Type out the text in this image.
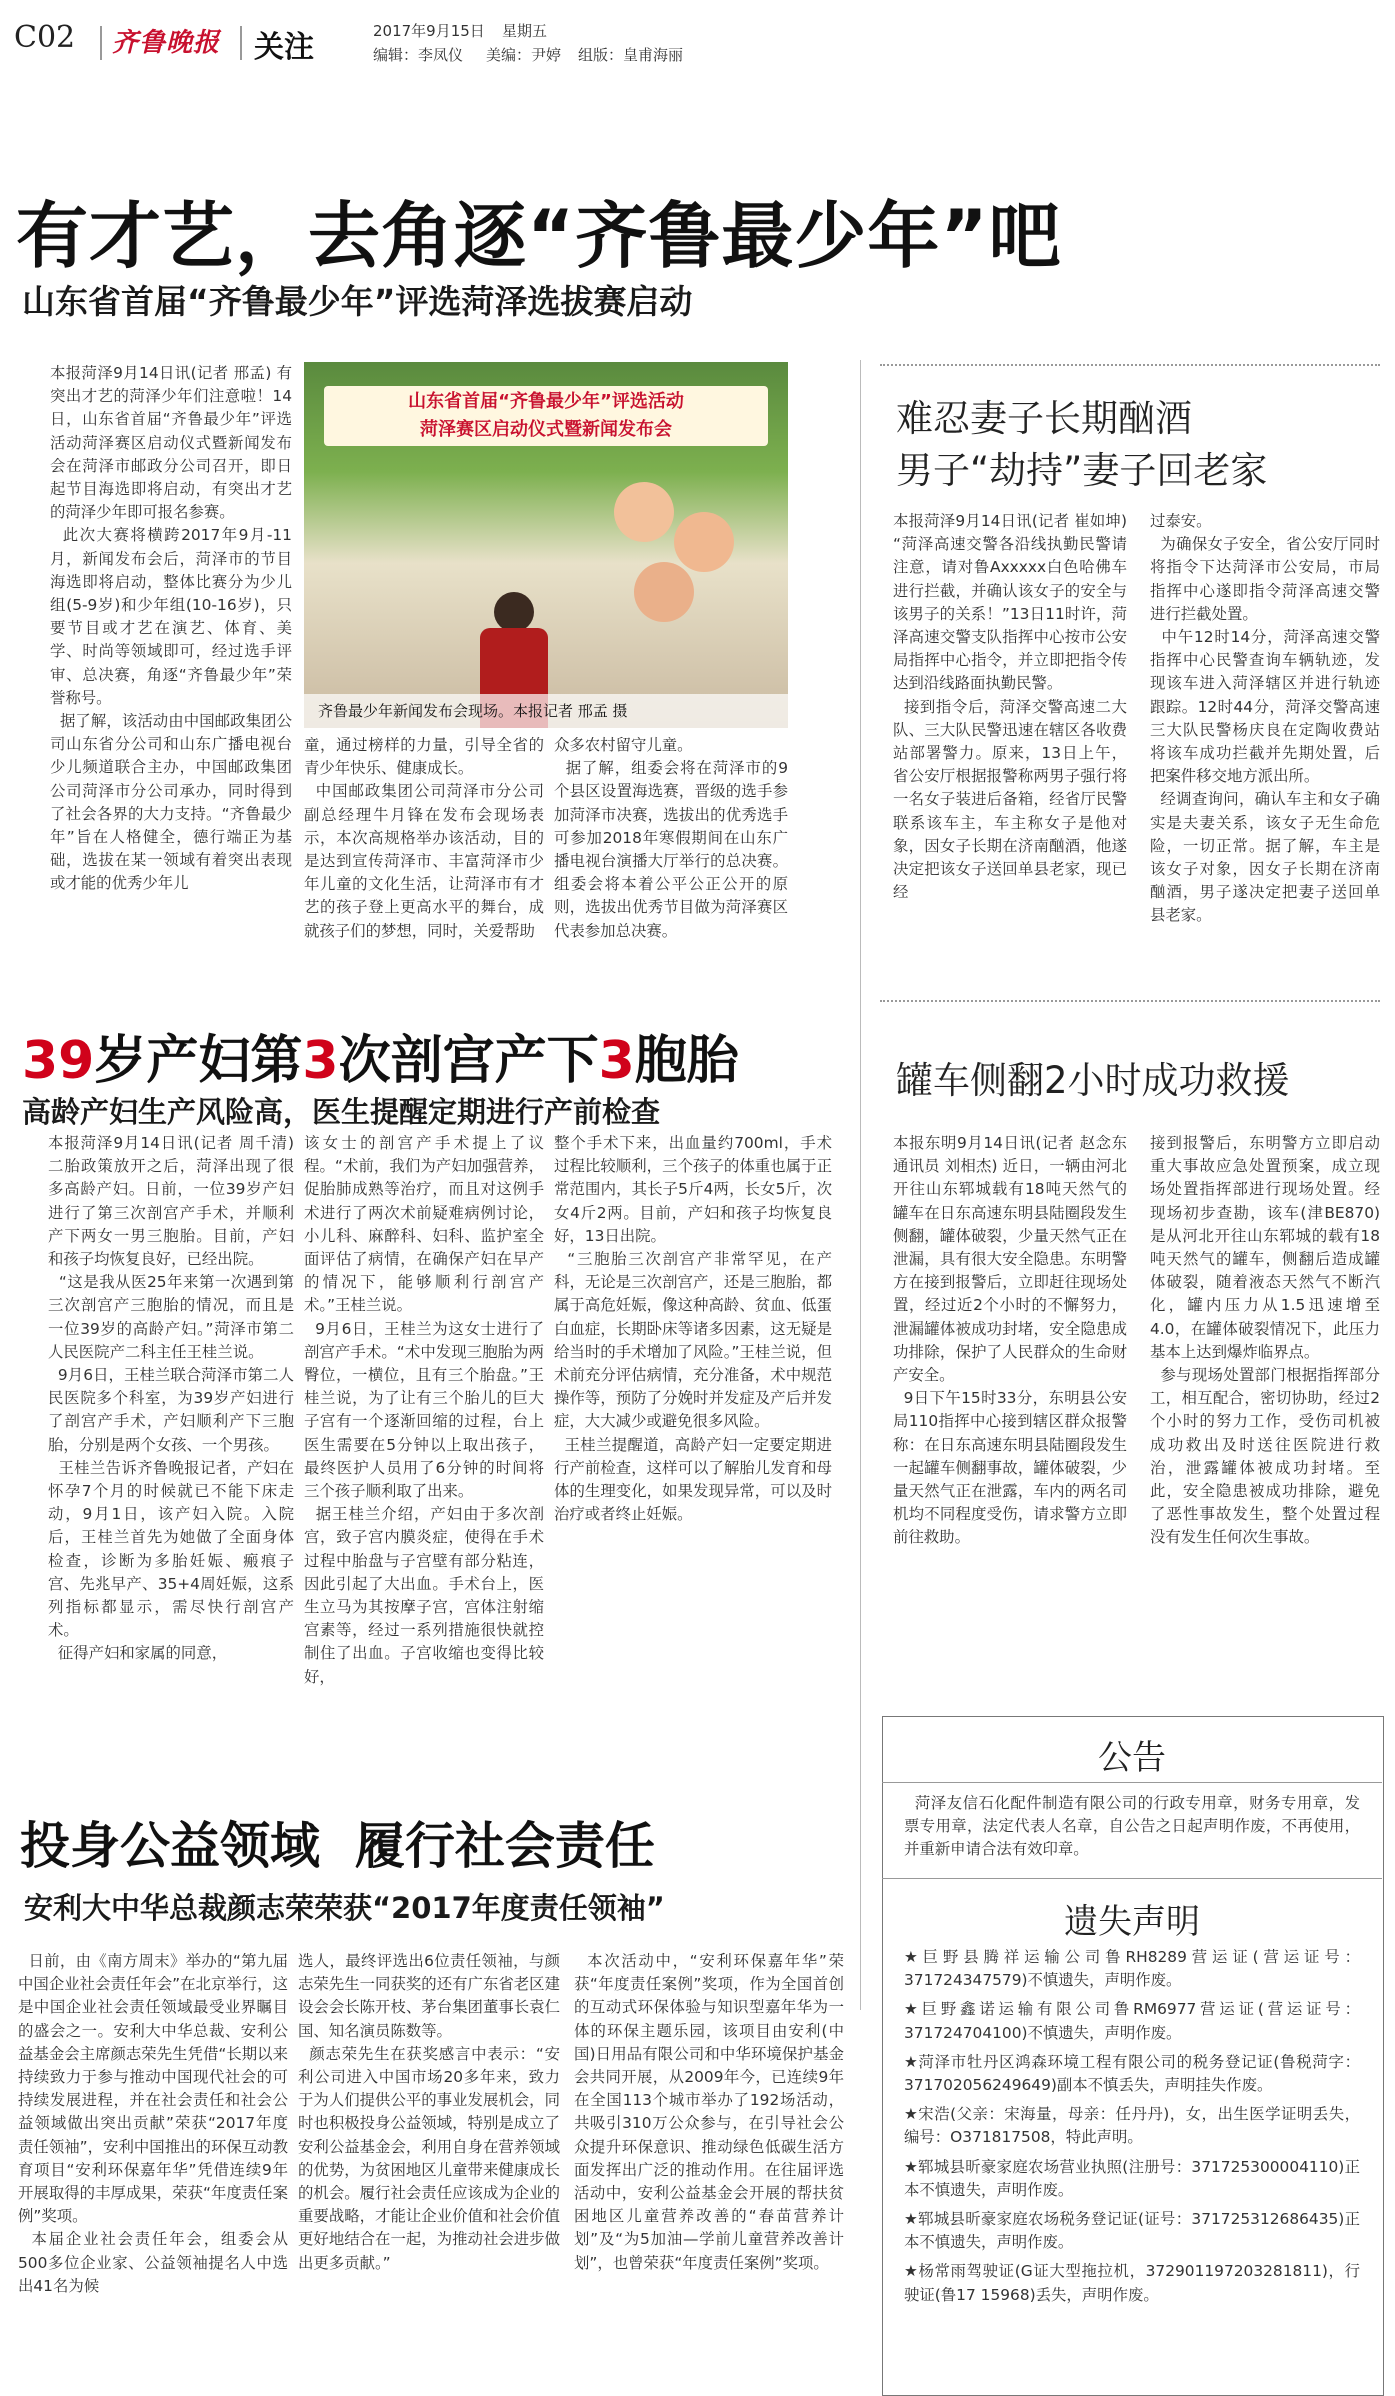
C02 齐鲁晚报 关注	2017年9月15日 星期五
编辑：李凤仪 美编：尹婷 组版：皇甫海丽
有才艺，去角逐“齐鲁最少年”吧
山东省首届“齐鲁最少年”评选菏泽选拔赛启动
本报菏泽9月14日讯(记者 邢孟) 有突出才艺的菏泽少年们注意啦！14日，山东省首届“齐鲁最少年”评选活动菏泽赛区启动仪式暨新闻发布会在菏泽市邮政分公司召开，即日起节目海选即将启动，有突出才艺的菏泽少年即可报名参赛。
此次大赛将横跨2017年9月-11月，新闻发布会后，菏泽市的节目海选即将启动，整体比赛分为少儿组(5-9岁)和少年组(10-16岁)，只要节目或才艺在演艺、体育、美学、时尚等领域即可，经过选手评审、总决赛，角逐“齐鲁最少年”荣誉称号。
据了解，该活动由中国邮政集团公司山东省分公司和山东广播电视台少儿频道联合主办，中国邮政集团公司菏泽市分公司承办，同时得到了社会各界的大力支持。“齐鲁最少年”旨在人格健全，德行端正为基础，选拔在某一领域有着突出表现或才能的优秀少年儿
山东省首届“齐鲁最少年”评选活动
菏泽赛区启动仪式暨新闻发布会
齐鲁最少年新闻发布会现场。本报记者 邢孟 摄
童，通过榜样的力量，引导全省的青少年快乐、健康成长。
中国邮政集团公司菏泽市分公司副总经理牛月锋在发布会现场表示，本次高规格举办该活动，目的是达到宣传菏泽市、丰富菏泽市少年儿童的文化生活，让菏泽市有才艺的孩子登上更高水平的舞台，成就孩子们的梦想，同时，关爱帮助
众多农村留守儿童。
据了解，组委会将在菏泽市的9个县区设置海选赛，晋级的选手参加菏泽市决赛，选拔出的优秀选手可参加2018年寒假期间在山东广播电视台演播大厅举行的总决赛。组委会将本着公平公正公开的原则，选拔出优秀节目做为菏泽赛区代表参加总决赛。
难忍妻子长期酗酒
男子“劫持”妻子回老家
本报菏泽9月14日讯(记者 崔如坤) “菏泽高速交警各沿线执勤民警请注意，请对鲁Axxxxx白色哈佛车进行拦截，并确认该女子的安全与该男子的关系！”13日11时许，菏泽高速交警支队指挥中心按市公安局指挥中心指令，并立即把指令传达到沿线路面执勤民警。
接到指令后，菏泽交警高速二大队、三大队民警迅速在辖区各收费站部署警力。原来，13日上午，省公安厅根据报警称两男子强行将一名女子装进后备箱，经省厅民警联系该车主，车主称女子是他对象，因女子长期在济南酗酒，他遂决定把该女子送回单县老家，现已经
过泰安。
为确保女子安全，省公安厅同时将指令下达菏泽市公安局，市局指挥中心遂即指令菏泽高速交警进行拦截处置。
中午12时14分，菏泽高速交警指挥中心民警查询车辆轨迹，发现该车进入菏泽辖区并进行轨迹跟踪。12时44分，菏泽交警高速三大队民警杨庆良在定陶收费站将该车成功拦截并先期处置，后把案件移交地方派出所。
经调查询问，确认车主和女子确实是夫妻关系，该女子无生命危险，一切正常。据了解，车主是该女子对象，因女子长期在济南酗酒，男子遂决定把妻子送回单县老家。
罐车侧翻2小时成功救援
本报东明9月14日讯(记者 赵念东 通讯员 刘相杰) 近日，一辆由河北开往山东郓城载有18吨天然气的罐车在日东高速东明县陆圈段发生侧翻，罐体破裂，少量天然气正在泄漏，具有很大安全隐患。东明警方在接到报警后，立即赶往现场处置，经过近2个小时的不懈努力，泄漏罐体被成功封堵，安全隐患成功排除，保护了人民群众的生命财产安全。
9日下午15时33分，东明县公安局110指挥中心接到辖区群众报警称：在日东高速东明县陆圈段发生一起罐车侧翻事故，罐体破裂，少量天然气正在泄露，车内的两名司机均不同程度受伤，请求警方立即前往救助。
接到报警后，东明警方立即启动重大事故应急处置预案，成立现场处置指挥部进行现场处置。经现场初步查勘，该车(津BE870)是从河北开往山东郓城的载有18吨天然气的罐车，侧翻后造成罐体破裂，随着液态天然气不断汽化，罐内压力从1.5迅速增至4.0，在罐体破裂情况下，此压力基本上达到爆炸临界点。
参与现场处置部门根据指挥部分工，相互配合，密切协助，经过2个小时的努力工作，受伤司机被成功救出及时送往医院进行救治，泄露罐体被成功封堵。至此，安全隐患被成功排除，避免了恶性事故发生，整个处置过程没有发生任何次生事故。
39岁产妇第3次剖宫产下3胞胎
高龄产妇生产风险高，医生提醒定期进行产前检查
本报菏泽9月14日讯(记者 周千清) 二胎政策放开之后，菏泽出现了很多高龄产妇。日前，一位39岁产妇进行了第三次剖宫产手术，并顺利产下两女一男三胞胎。目前，产妇和孩子均恢复良好，已经出院。
“这是我从医25年来第一次遇到第三次剖宫产三胞胎的情况，而且是一位39岁的高龄产妇。”菏泽市第二人民医院产二科主任王桂兰说。
9月6日，王桂兰联合菏泽市第二人民医院多个科室，为39岁产妇进行了剖宫产手术，产妇顺利产下三胞胎，分别是两个女孩、一个男孩。
王桂兰告诉齐鲁晚报记者，产妇在怀孕7个月的时候就已不能下床走动，9月1日，该产妇入院。入院后，王桂兰首先为她做了全面身体检查，诊断为多胎妊娠、瘢痕子宫、先兆早产、35+4周妊娠，这系列指标都显示，需尽快行剖宫产术。
征得产妇和家属的同意，
该女士的剖宫产手术提上了议程。“术前，我们为产妇加强营养，促胎肺成熟等治疗，而且对这例手术进行了两次术前疑难病例讨论，小儿科、麻醉科、妇科、监护室全面评估了病情，在确保产妇在早产的情况下，能够顺利行剖宫产术。”王桂兰说。
9月6日，王桂兰为这女士进行了剖宫产手术。“术中发现三胞胎为两臀位，一横位，且有三个胎盘。”王桂兰说，为了让有三个胎儿的巨大子宫有一个逐渐回缩的过程，台上医生需要在5分钟以上取出孩子，最终医护人员用了6分钟的时间将三个孩子顺利取了出来。
据王桂兰介绍，产妇由于多次剖宫，致子宫内膜炎症，使得在手术过程中胎盘与子宫壁有部分粘连，因此引起了大出血。手术台上，医生立马为其按摩子宫，宫体注射缩宫素等，经过一系列措施很快就控制住了出血。子宫收缩也变得比较好，
整个手术下来，出血量约700ml，手术过程比较顺利，三个孩子的体重也属于正常范围内，其长子5斤4两，长女5斤，次女4斤2两。目前，产妇和孩子均恢复良好，13日出院。
“三胞胎三次剖宫产非常罕见，在产科，无论是三次剖宫产，还是三胞胎，都属于高危妊娠，像这种高龄、贫血、低蛋白血症，长期卧床等诸多因素，这无疑是给当时的手术增加了风险。”王桂兰说，但术前充分评估病情，充分准备，术中规范操作等，预防了分娩时并发症及产后并发症，大大减少或避免很多风险。
王桂兰提醒道，高龄产妇一定要定期进行产前检查，这样可以了解胎儿发育和母体的生理变化，如果发现异常，可以及时治疗或者终止妊娠。
投身公益领域  履行社会责任
安利大中华总裁颜志荣荣获“2017年度责任领袖”
日前，由《南方周末》举办的“第九届中国企业社会责任年会”在北京举行，这是中国企业社会责任领域最受业界瞩目的盛会之一。安利大中华总裁、安利公益基金会主席颜志荣先生凭借“长期以来持续致力于参与推动中国现代社会的可持续发展进程，并在社会责任和社会公益领域做出突出贡献”荣获“2017年度责任领袖”，安利中国推出的环保互动教育项目“安利环保嘉年华”凭借连续9年开展取得的丰厚成果，荣获“年度责任案例”奖项。
本届企业社会责任年会，组委会从500多位企业家、公益领袖提名人中选出41名为候
选人，最终评选出6位责任领袖，与颜志荣先生一同获奖的还有广东省老区建设会会长陈开枝、茅台集团董事长袁仁国、知名演员陈数等。
颜志荣先生在获奖感言中表示：“安利公司进入中国市场20多年来，致力于为人们提供公平的事业发展机会，同时也积极投身公益领域，特别是成立了安利公益基金会，利用自身在营养领域的优势，为贫困地区儿童带来健康成长的机会。履行社会责任应该成为企业的重要战略，才能让企业价值和社会价值更好地结合在一起，为推动社会进步做出更多贡献。”
本次活动中，“安利环保嘉年华”荣获“年度责任案例”奖项，作为全国首创的互动式环保体验与知识型嘉年华为一体的环保主题乐园，该项目由安利(中国)日用品有限公司和中华环境保护基金会共同开展，从2009年今，已连续9年在全国113个城市举办了192场活动，共吸引310万公众参与，在引导社会公众提升环保意识、推动绿色低碳生活方面发挥出广泛的推动作用。在往届评选活动中，安利公益基金会开展的帮扶贫困地区儿童营养改善的“春苗营养计划”及“为5加油—学前儿童营养改善计划”，也曾荣获“年度责任案例”奖项。
公告
菏泽友信石化配件制造有限公司的行政专用章，财务专用章，发票专用章，法定代表人名章，自公告之日起声明作废，不再使用，并重新申请合法有效印章。
遗失声明
★巨野县腾祥运输公司鲁RH8289营运证(营运证号：371724347579)不慎遗失，声明作废。
★巨野鑫诺运输有限公司鲁RM6977营运证(营运证号：371724704100)不慎遗失，声明作废。
★菏泽市牡丹区鸿森环境工程有限公司的税务登记证(鲁税菏字：371702056249649)副本不慎丢失，声明挂失作废。
★宋浩(父亲：宋海量，母亲：任丹丹)，女，出生医学证明丢失，编号：O371817508，特此声明。
★郓城县昕豪家庭农场营业执照(注册号：371725300004110)正本不慎遗失，声明作废。
★郓城县昕豪家庭农场税务登记证(证号：371725312686435)正本不慎遗失，声明作废。
★杨常雨驾驶证(G证大型拖拉机，372901197203281811)，行驶证(鲁17 15968)丢失，声明作废。
